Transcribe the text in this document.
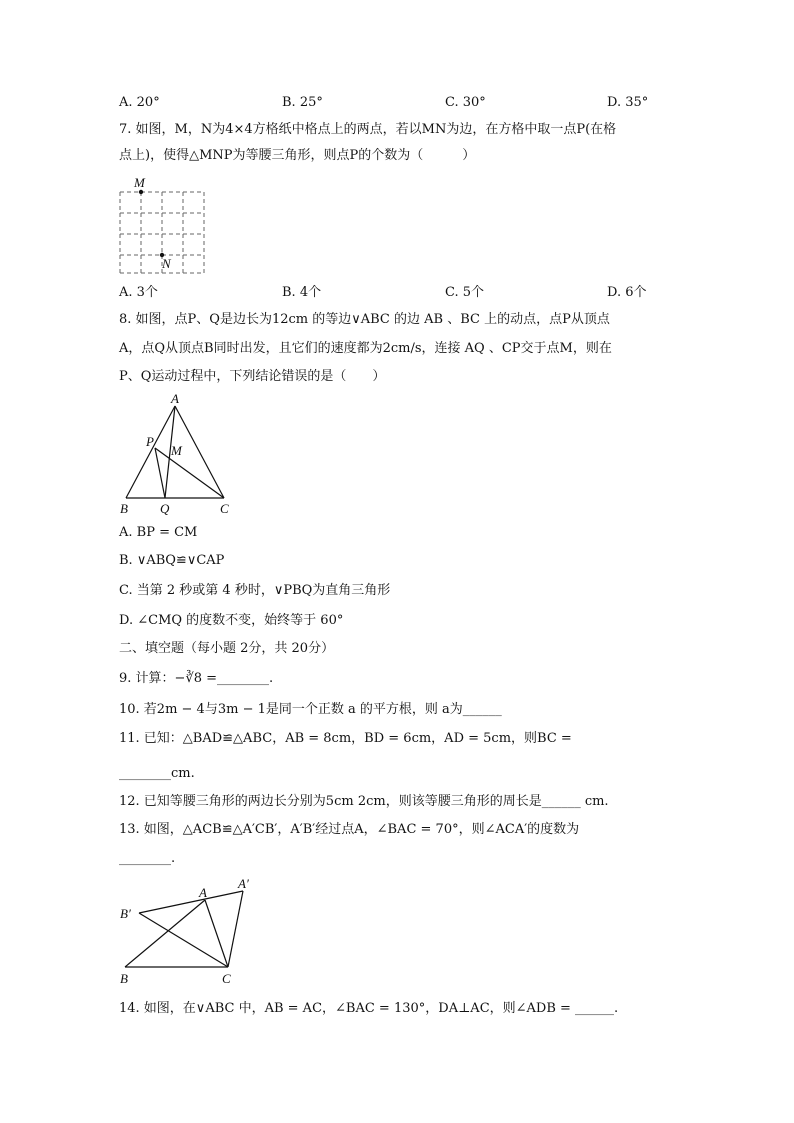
A. 20°	B. 25°	C. 30°	D. 35°
7. 如图，M，N为4×4方格纸中格点上的两点，若以MN为边，在方格中取一点P(在格
点上)，使得△MNP为等腰三角形，则点P的个数为（　　　）
M
N
A. 3个	B. 4个	C. 5个	D. 6个
8. 如图，点P、Q是边长为12cm 的等边∨ABC 的边 AB 、BC 上的动点，点P从顶点
A，点Q从顶点B同时出发，且它们的速度都为2cm/s，连接 AQ 、CP交于点M，则在
P、Q运动过程中，下列结论错误的是（　　）
A
P
M
B Q	C
A. BP = CM
B. ∨ABQ≌∨CAP
C. 当第 2 秒或第 4 秒时，∨PBQ为直角三角形
D. ∠CMQ 的度数不变，始终等于 60°
二、填空题（每小题 2分，共 20分）
9. 计算：−∛8 =________.
10. 若2m − 4与3m − 1是同一个正数 a 的平方根，则 a为______
11. 已知：△BAD≌△ABC，AB = 8cm，BD = 6cm，AD = 5cm，则BC =
________cm.
12. 已知等腰三角形的两边长分别为5cm 2cm，则该等腰三角形的周长是______ cm.
13. 如图，△ACB≌△A′CB′，A′B′经过点A，∠BAC = 70°，则∠ACA′的度数为
________.
A
A′
B′
B	C
14. 如图，在∨ABC 中，AB = AC，∠BAC = 130°，DA⊥AC，则∠ADB = ______.
